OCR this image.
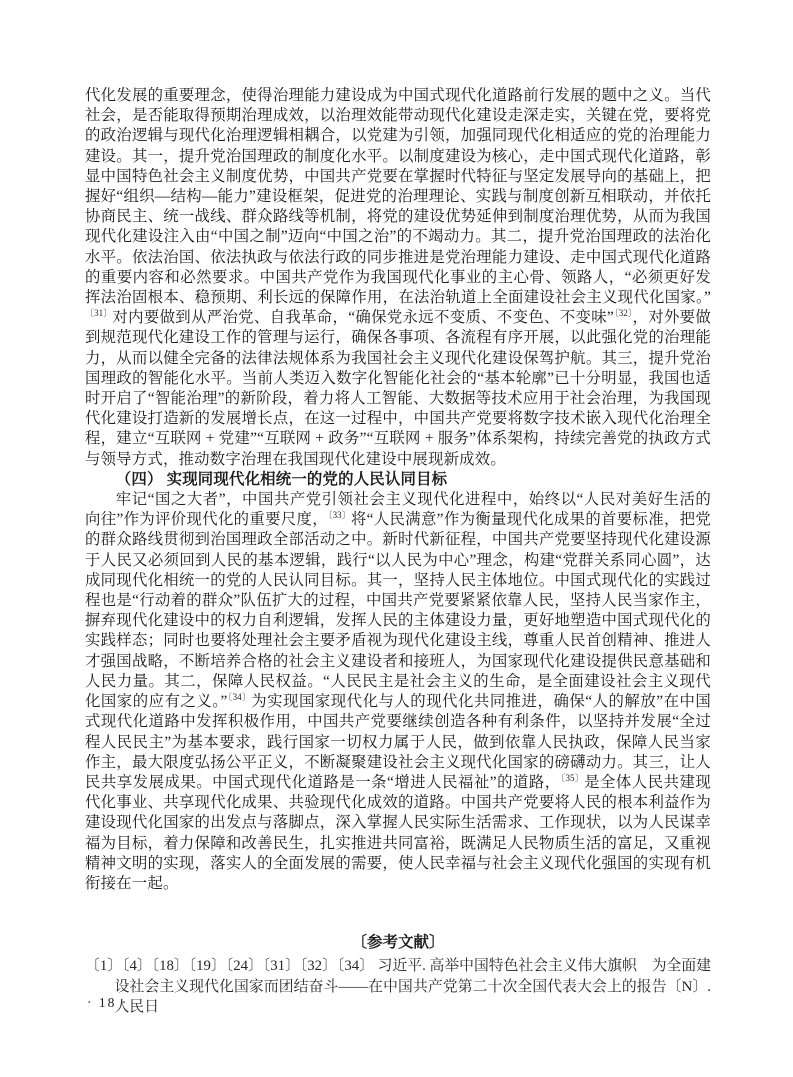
代化发展的重要理念，使得治理能力建设成为中国式现代化道路前行发展的题中之义。当代社会，是否能取得预期治理成效，以治理效能带动现代化建设走深走实，关键在党，要将党的政治逻辑与现代化治理逻辑相耦合，以党建为引领，加强同现代化相适应的党的治理能力建设。其一，提升党治国理政的制度化水平。以制度建设为核心，走中国式现代化道路，彰显中国特色社会主义制度优势，中国共产党要在掌握时代特征与坚定发展导向的基础上，把握好“组织—结构—能力”建设框架，促进党的治理理论、实践与制度创新互相联动，并依托协商民主、统一战线、群众路线等机制，将党的建设优势延伸到制度治理优势，从而为我国现代化建设注入由“中国之制”迈向“中国之治”的不竭动力。其二，提升党治国理政的法治化水平。依法治国、依法执政与依法行政的同步推进是党治理能力建设、走中国式现代化道路的重要内容和必然要求。中国共产党作为我国现代化事业的主心骨、领路人，“必须更好发挥法治固根本、稳预期、利长远的保障作用，在法治轨道上全面建设社会主义现代化国家。”$^{〔31〕}$对内要做到从严治党、自我革命，“确保党永远不变质、不变色、不变味”$^{〔32〕}$，对外要做到规范现代化建设工作的管理与运行，确保各事项、各流程有序开展，以此强化党的治理能力，从而以健全完备的法律法规体系为我国社会主义现代化建设保驾护航。其三，提升党治国理政的智能化水平。当前人类迈入数字化智能化社会的“基本轮廓”已十分明显，我国也适时开启了“智能治理”的新阶段，着力将人工智能、大数据等技术应用于社会治理，为我国现代化建设打造新的发展增长点，在这一过程中，中国共产党要将数字技术嵌入现代化治理全程，建立“互联网 + 党建”“互联网 + 政务”“互联网 + 服务”体系架构，持续完善党的执政方式与领导方式，推动数字治理在我国现代化建设中展现新成效。

（四） 实现同现代化相统一的党的人民认同目标

牢记“国之大者”，中国共产党引领社会主义现代化进程中，始终以“人民对美好生活的向往”作为评价现代化的重要尺度，$^{〔33〕}$将“人民满意”作为衡量现代化成果的首要标准，把党的群众路线贯彻到治国理政全部活动之中。新时代新征程，中国共产党要坚持现代化建设源于人民又必须回到人民的基本逻辑，践行“以人民为中心”理念，构建“党群关系同心圆”，达成同现代化相统一的党的人民认同目标。其一，坚持人民主体地位。中国式现代化的实践过程也是“行动着的群众”队伍扩大的过程，中国共产党要紧紧依靠人民，坚持人民当家作主，摒弃现代化建设中的权力自利逻辑，发挥人民的主体建设力量，更好地塑造中国式现代化的实践样态；同时也要将处理社会主要矛盾视为现代化建设主线，尊重人民首创精神、推进人才强国战略，不断培养合格的社会主义建设者和接班人，为国家现代化建设提供民意基础和人民力量。其二，保障人民权益。“人民民主是社会主义的生命，是全面建设社会主义现代化国家的应有之义。”$^{〔34〕}$为实现国家现代化与人的现代化共同推进，确保“人的解放”在中国式现代化道路中发挥积极作用，中国共产党要继续创造各种有利条件，以坚持并发展“全过程人民民主”为基本要求，践行国家一切权力属于人民，做到依靠人民执政，保障人民当家作主，最大限度弘扬公平正义，不断凝聚建设社会主义现代化国家的磅礴动力。其三，让人民共享发展成果。中国式现代化道路是一条“增进人民福祉”的道路，$^{〔35〕}$是全体人民共建现代化事业、共享现代化成果、共验现代化成效的道路。中国共产党要将人民的根本利益作为建设现代化国家的出发点与落脚点，深入掌握人民实际生活需求、工作现状，以为人民谋幸福为目标，着力保障和改善民生，扎实推进共同富裕，既满足人民物质生活的富足，又重视精神文明的实现，落实人的全面发展的需要，使人民幸福与社会主义现代化强国的实现有机衔接在一起。

〔参考文献〕

〔1〕〔4〕〔18〕〔19〕〔24〕〔31〕〔32〕〔34〕 习近平. 高举中国特色社会主义伟大旗帜　为全面建设社会主义现代化国家而团结奋斗——在中国共产党第二十次全国代表大会上的报告〔N〕. 人民日

· 18 ·
